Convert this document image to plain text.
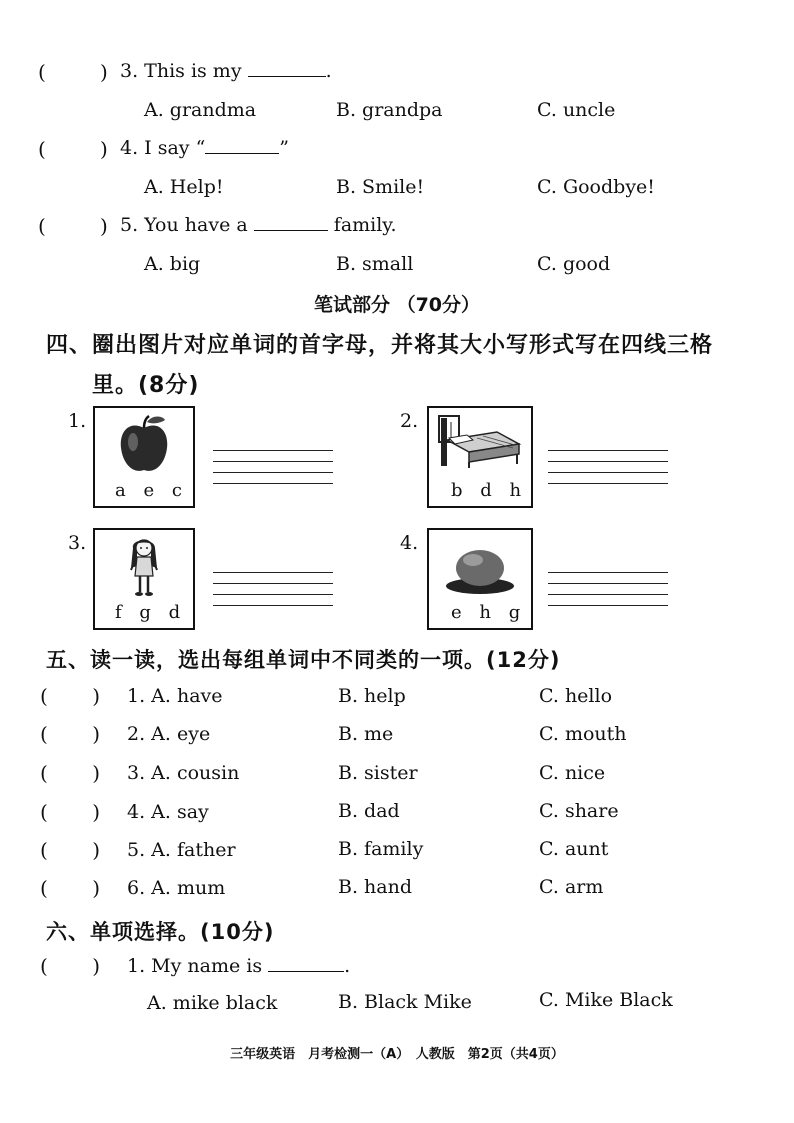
(	) 3. This is my	.
A. grandma	B. grandpa	C. uncle
(	) 4. I say “	”
A. Help!	B. Smile!	C. Goodbye!
(	) 5. You have a	family.
A. big	B. small	C. good
笔试部分 （70分）
四、圈出图片对应单词的首字母，并将其大小写形式写在四线三格
里。(8分)
1.
a e c
2.
b d h
3.
f g d
4.
e h g
五、读一读，选出每组单词中不同类的一项。(12分)
(       ) 1. A. have	B. help	C. hello
(       ) 2. A. eye	B. me	C. mouth
(       ) 3. A. cousin	B. sister	C. nice
(       ) 4. A. say	B. dad	C. share
(       ) 5. A. father	B. family	C. aunt
(       ) 6. A. mum	B. hand	C. arm
六、单项选择。(10分)
(       ) 1. My name is	.
A. mike black	B. Black Mike	C. Mike Black
三年级英语　月考检测一（A）　人教版　第2页（共4页）
